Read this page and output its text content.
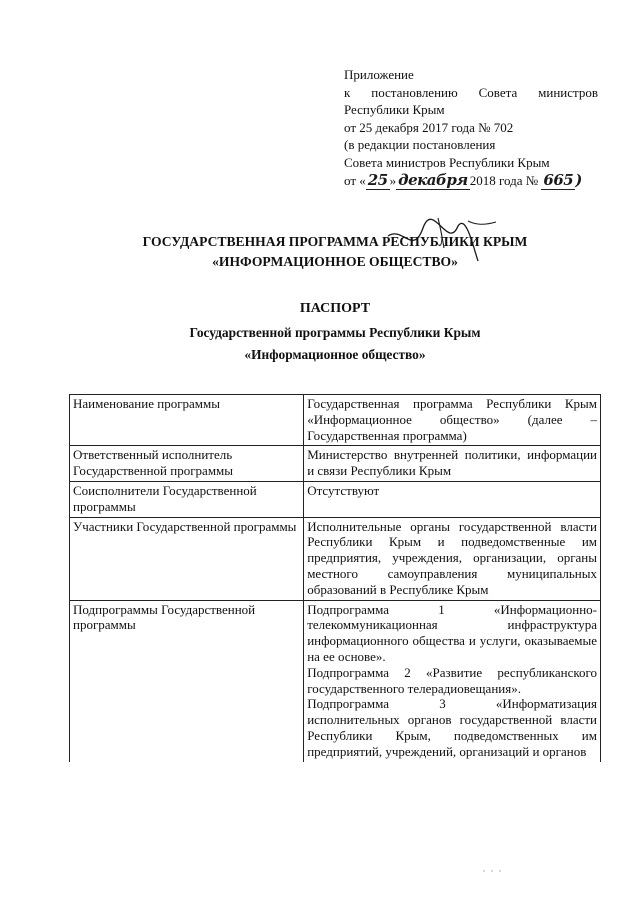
Приложение
к постановлению Совета министров
Республики Крым
от 25 декабря 2017 года № 702
(в редакции постановления
Совета министров Республики Крым
от « 25 » декабря 2018 года № 665 )
ГОСУДАРСТВЕННАЯ ПРОГРАММА РЕСПУБЛИКИ КРЫМ
«ИНФОРМАЦИОННОЕ ОБЩЕСТВО»
ПАСПОРТ
Государственной программы Республики Крым
«Информационное общество»
Наименование программы	Государственная программа Республики Крым «Информационное общество» (далее – Государственная программа)

Ответственный исполнитель Государственной программы	Министерство внутренней политики, информации и связи Республики Крым

Соисполнители Государственной программы	Отсутствуют

Участники Государственной программы	Исполнительные органы государственной власти Республики Крым и подведомственные им предприятия, учреждения, организации, органы местного самоуправления муниципальных образований в Республике Крым

Подпрограммы Государственной программы	Подпрограмма 1 «Информационно-телекоммуникационная инфраструктура информационного общества и услуги, оказываемые на ее основе».
Подпрограмма 2 «Развитие республиканского государственного телерадиовещания».
Подпрограмма 3 «Информатизация исполнительных органов государственной власти Республики Крым, подведомственных им предприятий, учреждений, организаций и органов
